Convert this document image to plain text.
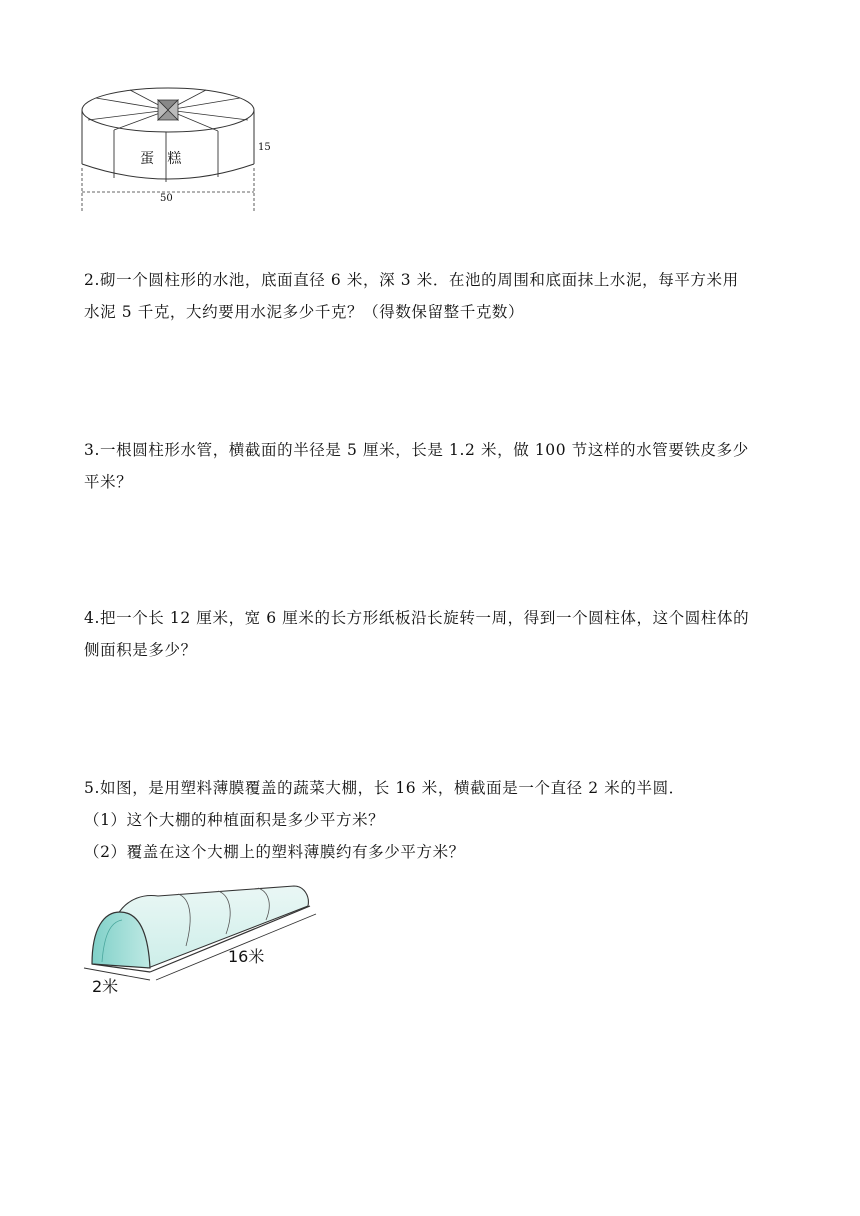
蛋   糕
15
50

2.砌一个圆柱形的水池，底面直径 6 米，深 3 米．在池的周围和底面抹上水泥，每平方米用

水泥 5 千克，大约要用水泥多少千克？（得数保留整千克数）

3.一根圆柱形水管，横截面的半径是 5 厘米，长是 1.2 米，做 100 节这样的水管要铁皮多少

平米？

4.把一个长 12 厘米，宽 6 厘米的长方形纸板沿长旋转一周，得到一个圆柱体，这个圆柱体的

侧面积是多少？

5.如图，是用塑料薄膜覆盖的蔬菜大棚，长 16 米，横截面是一个直径 2 米的半圆．

（1）这个大棚的种植面积是多少平方米？

（2）覆盖在这个大棚上的塑料薄膜约有多少平方米？

16米
2米
